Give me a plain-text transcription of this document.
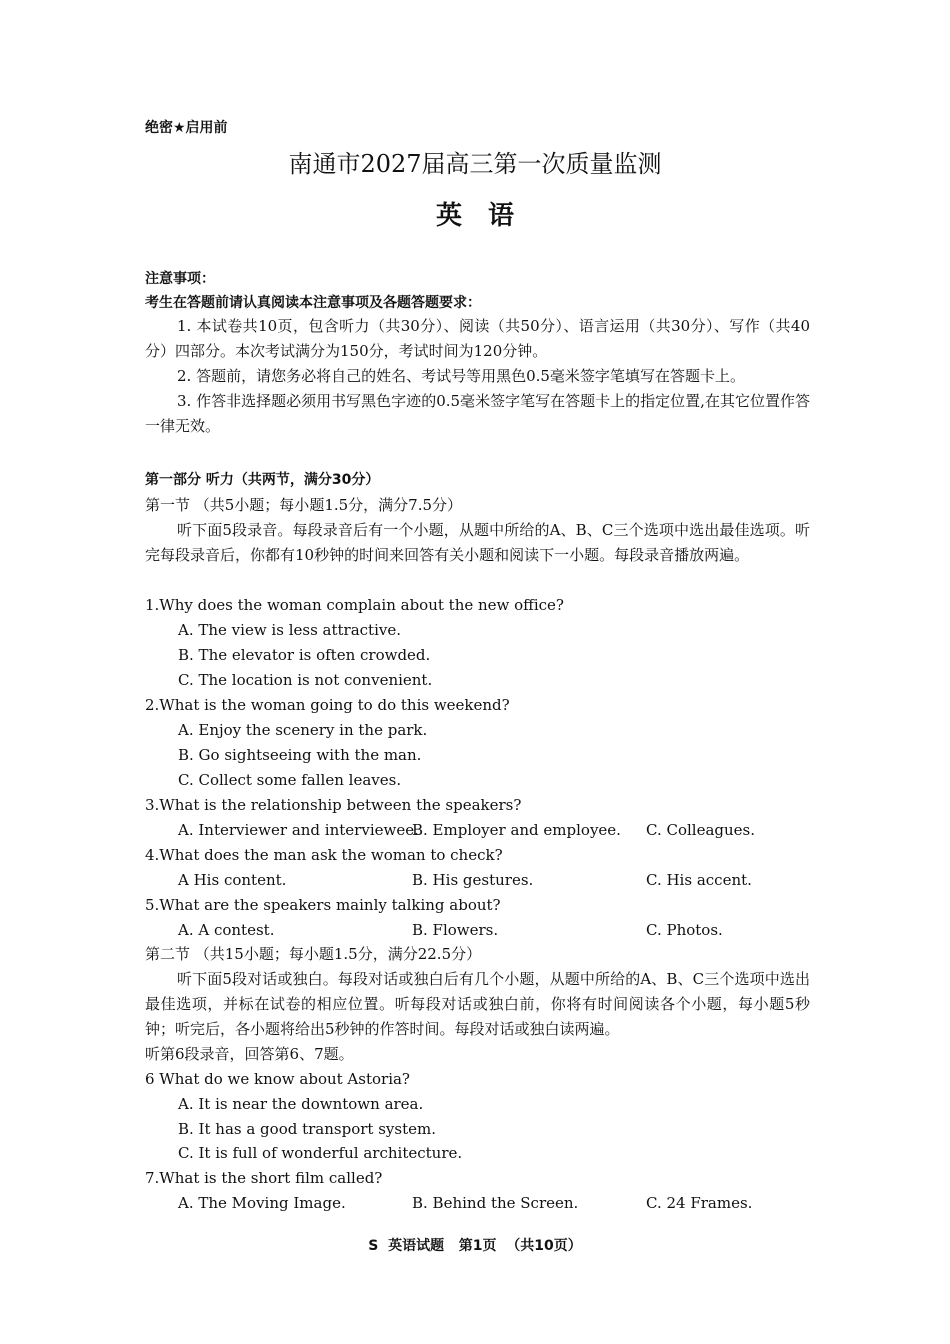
绝密★启用前
南通市2027届高三第一次质量监测
英　语
注意事项：
考生在答题前请认真阅读本注意事项及各题答题要求：
1. 本试卷共10页，包含听力（共30分）、阅读（共50分）、语言运用（共30分）、写作（共40分）四部分。本次考试满分为150分，考试时间为120分钟。
2. 答题前，请您务必将自己的姓名、考试号等用黑色0.5毫米签字笔填写在答题卡上。
3. 作答非选择题必须用书写黑色字迹的0.5毫米签字笔写在答题卡上的指定位置,在其它位置作答一律无效。
第一部分 听力（共两节，满分30分）
第一节 （共5小题；每小题1.5分，满分7.5分）
听下面5段录音。每段录音后有一个小题，从题中所给的A、B、C三个选项中选出最佳选项。听完每段录音后，你都有10秒钟的时间来回答有关小题和阅读下一小题。每段录音播放两遍。
1.Why does the woman complain about the new office?
A. The view is less attractive.
B. The elevator is often crowded.
C. The location is not convenient.
2.What is the woman going to do this weekend?
A. Enjoy the scenery in the park.
B. Go sightseeing with the man.
C. Collect some fallen leaves.
3.What is the relationship between the speakers?
A. Interviewer and interviewee.
B. Employer and employee. C. Colleagues.
4.What does the man ask the woman to check?
A His content.	B. His gestures.	C. His accent.
5.What are the speakers mainly talking about?
A. A contest.	B. Flowers.	C. Photos.
第二节 （共15小题；每小题1.5分，满分22.5分）
听下面5段对话或独白。每段对话或独白后有几个小题，从题中所给的A、B、C三个选项中选出最佳选项，并标在试卷的相应位置。听每段对话或独白前，你将有时间阅读各个小题，每小题5秒钟；听完后，各小题将给出5秒钟的作答时间。每段对话或独白读两遍。
听第6段录音，回答第6、7题。
6 What do we know about Astoria?
A. It is near the downtown area.
B. It has a good transport system.
C. It is full of wonderful architecture.
7.What is the short film called?
A. The Moving Image.	B. Behind the Screen.	C. 24 Frames.
S  英语试题   第1页  （共10页）
